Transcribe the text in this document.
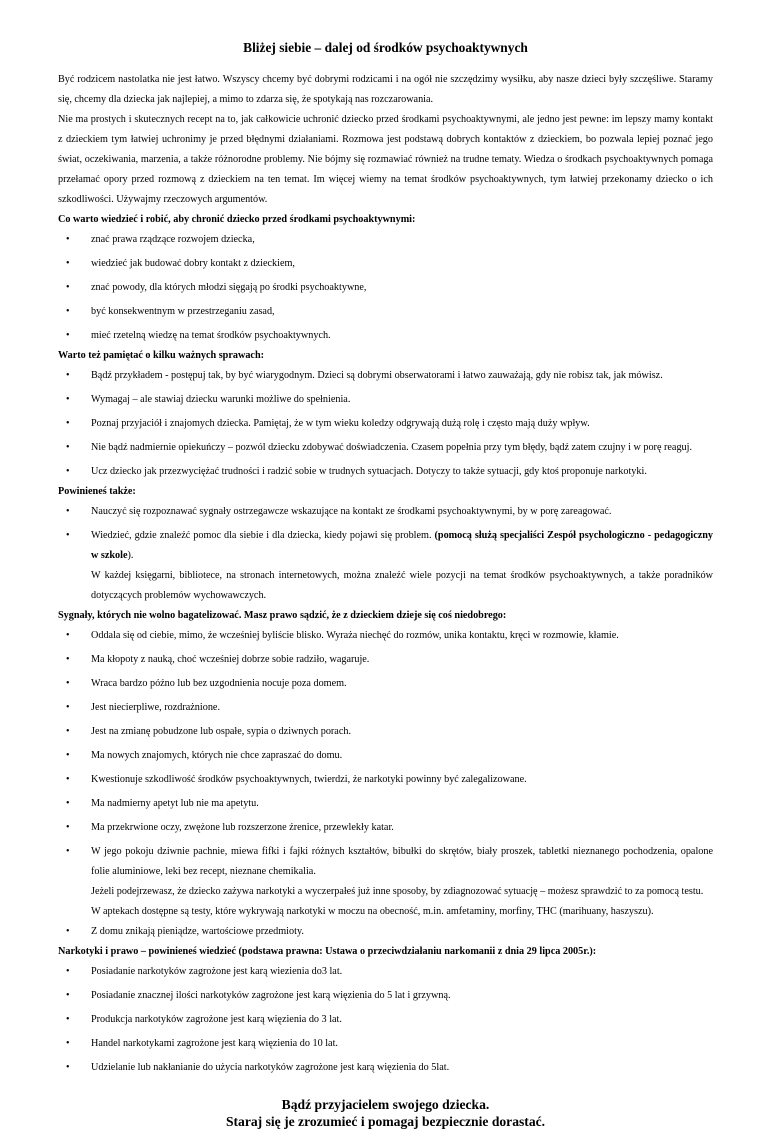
Bliżej siebie – dalej od środków psychoaktywnych

Być rodzicem nastolatka nie jest łatwo. Wszyscy chcemy być dobrymi rodzicami i na ogół nie szczędzimy wysiłku, aby nasze dzieci były szczęśliwe. Staramy się, chcemy dla dziecka jak najlepiej, a mimo to zdarza się, że spotykają nas rozczarowania.

Nie ma prostych i skutecznych recept na to, jak całkowicie uchronić dziecko przed środkami psychoaktywnymi, ale jedno jest pewne: im lepszy mamy kontakt z dzieckiem tym łatwiej uchronimy je przed błędnymi działaniami. Rozmowa jest podstawą dobrych kontaktów z dzieckiem, bo pozwala lepiej poznać jego świat, oczekiwania, marzenia, a także różnorodne problemy. Nie bójmy się rozmawiać również na trudne tematy. Wiedza o środkach psychoaktywnych pomaga przełamać opory przed rozmową z dzieckiem na ten temat. Im więcej wiemy na temat środków psychoaktywnych, tym łatwiej przekonamy dziecko o ich szkodliwości. Używajmy rzeczowych argumentów.

Co warto wiedzieć i robić, aby chronić dziecko przed środkami psychoaktywnymi:

• znać prawa rządzące rozwojem dziecka,
• wiedzieć jak budować dobry kontakt z dzieckiem,
• znać powody, dla których młodzi sięgają po środki psychoaktywne,
• być konsekwentnym w przestrzeganiu zasad,
• mieć rzetelną wiedzę na temat środków psychoaktywnych.

Warto też pamiętać o kilku ważnych sprawach:

• Bądź przykładem - postępuj tak, by być wiarygodnym. Dzieci są dobrymi obserwatorami i łatwo zauważają, gdy nie robisz tak, jak mówisz.
• Wymagaj – ale stawiaj dziecku warunki możliwe do spełnienia.
• Poznaj przyjaciół i znajomych dziecka. Pamiętaj, że w tym wieku koledzy odgrywają dużą rolę i często mają duży wpływ.
• Nie bądź nadmiernie opiekuńczy – pozwól dziecku zdobywać doświadczenia. Czasem popełnia przy tym błędy, bądź zatem czujny i w porę reaguj.
• Ucz dziecko jak przezwyciężać trudności i radzić sobie w trudnych sytuacjach. Dotyczy to także sytuacji, gdy ktoś proponuje narkotyki.

Powinieneś także:

• Nauczyć się rozpoznawać sygnały ostrzegawcze wskazujące na kontakt ze środkami psychoaktywnymi, by w porę zareagować.
• Wiedzieć, gdzie znaleźć pomoc dla siebie i dla dziecka, kiedy pojawi się problem. (pomocą służą specjaliści Zespół psychologiczno - pedagogiczny w szkole).

W każdej księgarni, bibliotece, na stronach internetowych, można znaleźć wiele pozycji na temat środków psychoaktywnych, a także poradników dotyczących problemów wychowawczych.

Sygnały, których nie wolno bagatelizować. Masz prawo sądzić, że z dzieckiem dzieje się coś niedobrego:

• Oddala się od ciebie, mimo, że wcześniej byliście blisko. Wyraża niechęć do rozmów, unika kontaktu, kręci w rozmowie, kłamie.
• Ma kłopoty z nauką, choć wcześniej dobrze sobie radziło, wagaruje.
• Wraca bardzo późno lub bez uzgodnienia nocuje poza domem.
• Jest niecierpliwe, rozdrażnione.
• Jest na zmianę pobudzone lub ospałe, sypia o dziwnych porach.
• Ma nowych znajomych, których nie chce zapraszać do domu.
• Kwestionuje szkodliwość środków psychoaktywnych, twierdzi, że narkotyki powinny być zalegalizowane.
• Ma nadmierny apetyt lub nie ma apetytu.
• Ma przekrwione oczy, zwężone lub rozszerzone źrenice, przewlekły katar.
• W jego pokoju dziwnie pachnie, miewa fifki i fajki różnych kształtów, bibułki do skrętów, biały proszek, tabletki nieznanego pochodzenia, opalone folie aluminiowe, leki bez recept, nieznane chemikalia.

Jeżeli podejrzewasz, że dziecko zażywa narkotyki a wyczerpałeś już inne sposoby, by zdiagnozować sytuację – możesz sprawdzić to za pomocą testu.

W aptekach dostępne są testy, które wykrywają narkotyki w moczu na obecność, m.in. amfetaminy, morfiny, THC (marihuany, haszyszu).

• Z domu znikają pieniądze, wartościowe przedmioty.

Narkotyki i prawo – powinieneś wiedzieć (podstawa prawna: Ustawa o przeciwdziałaniu narkomanii z dnia 29 lipca 2005r.):

• Posiadanie narkotyków zagrożone jest karą wiezienia do3 lat.
• Posiadanie znacznej ilości narkotyków zagrożone jest karą więzienia do 5 lat i grzywną.
• Produkcja narkotyków zagrożone jest karą więzienia do 3 lat.
• Handel narkotykami zagrożone jest karą więzienia do 10 lat.
• Udzielanie lub nakłanianie do użycia narkotyków zagrożone jest karą więzienia do 5lat.
Bądź przyjacielem swojego dziecka.
Staraj się je zrozumieć i pomagaj bezpiecznie dorastać.
